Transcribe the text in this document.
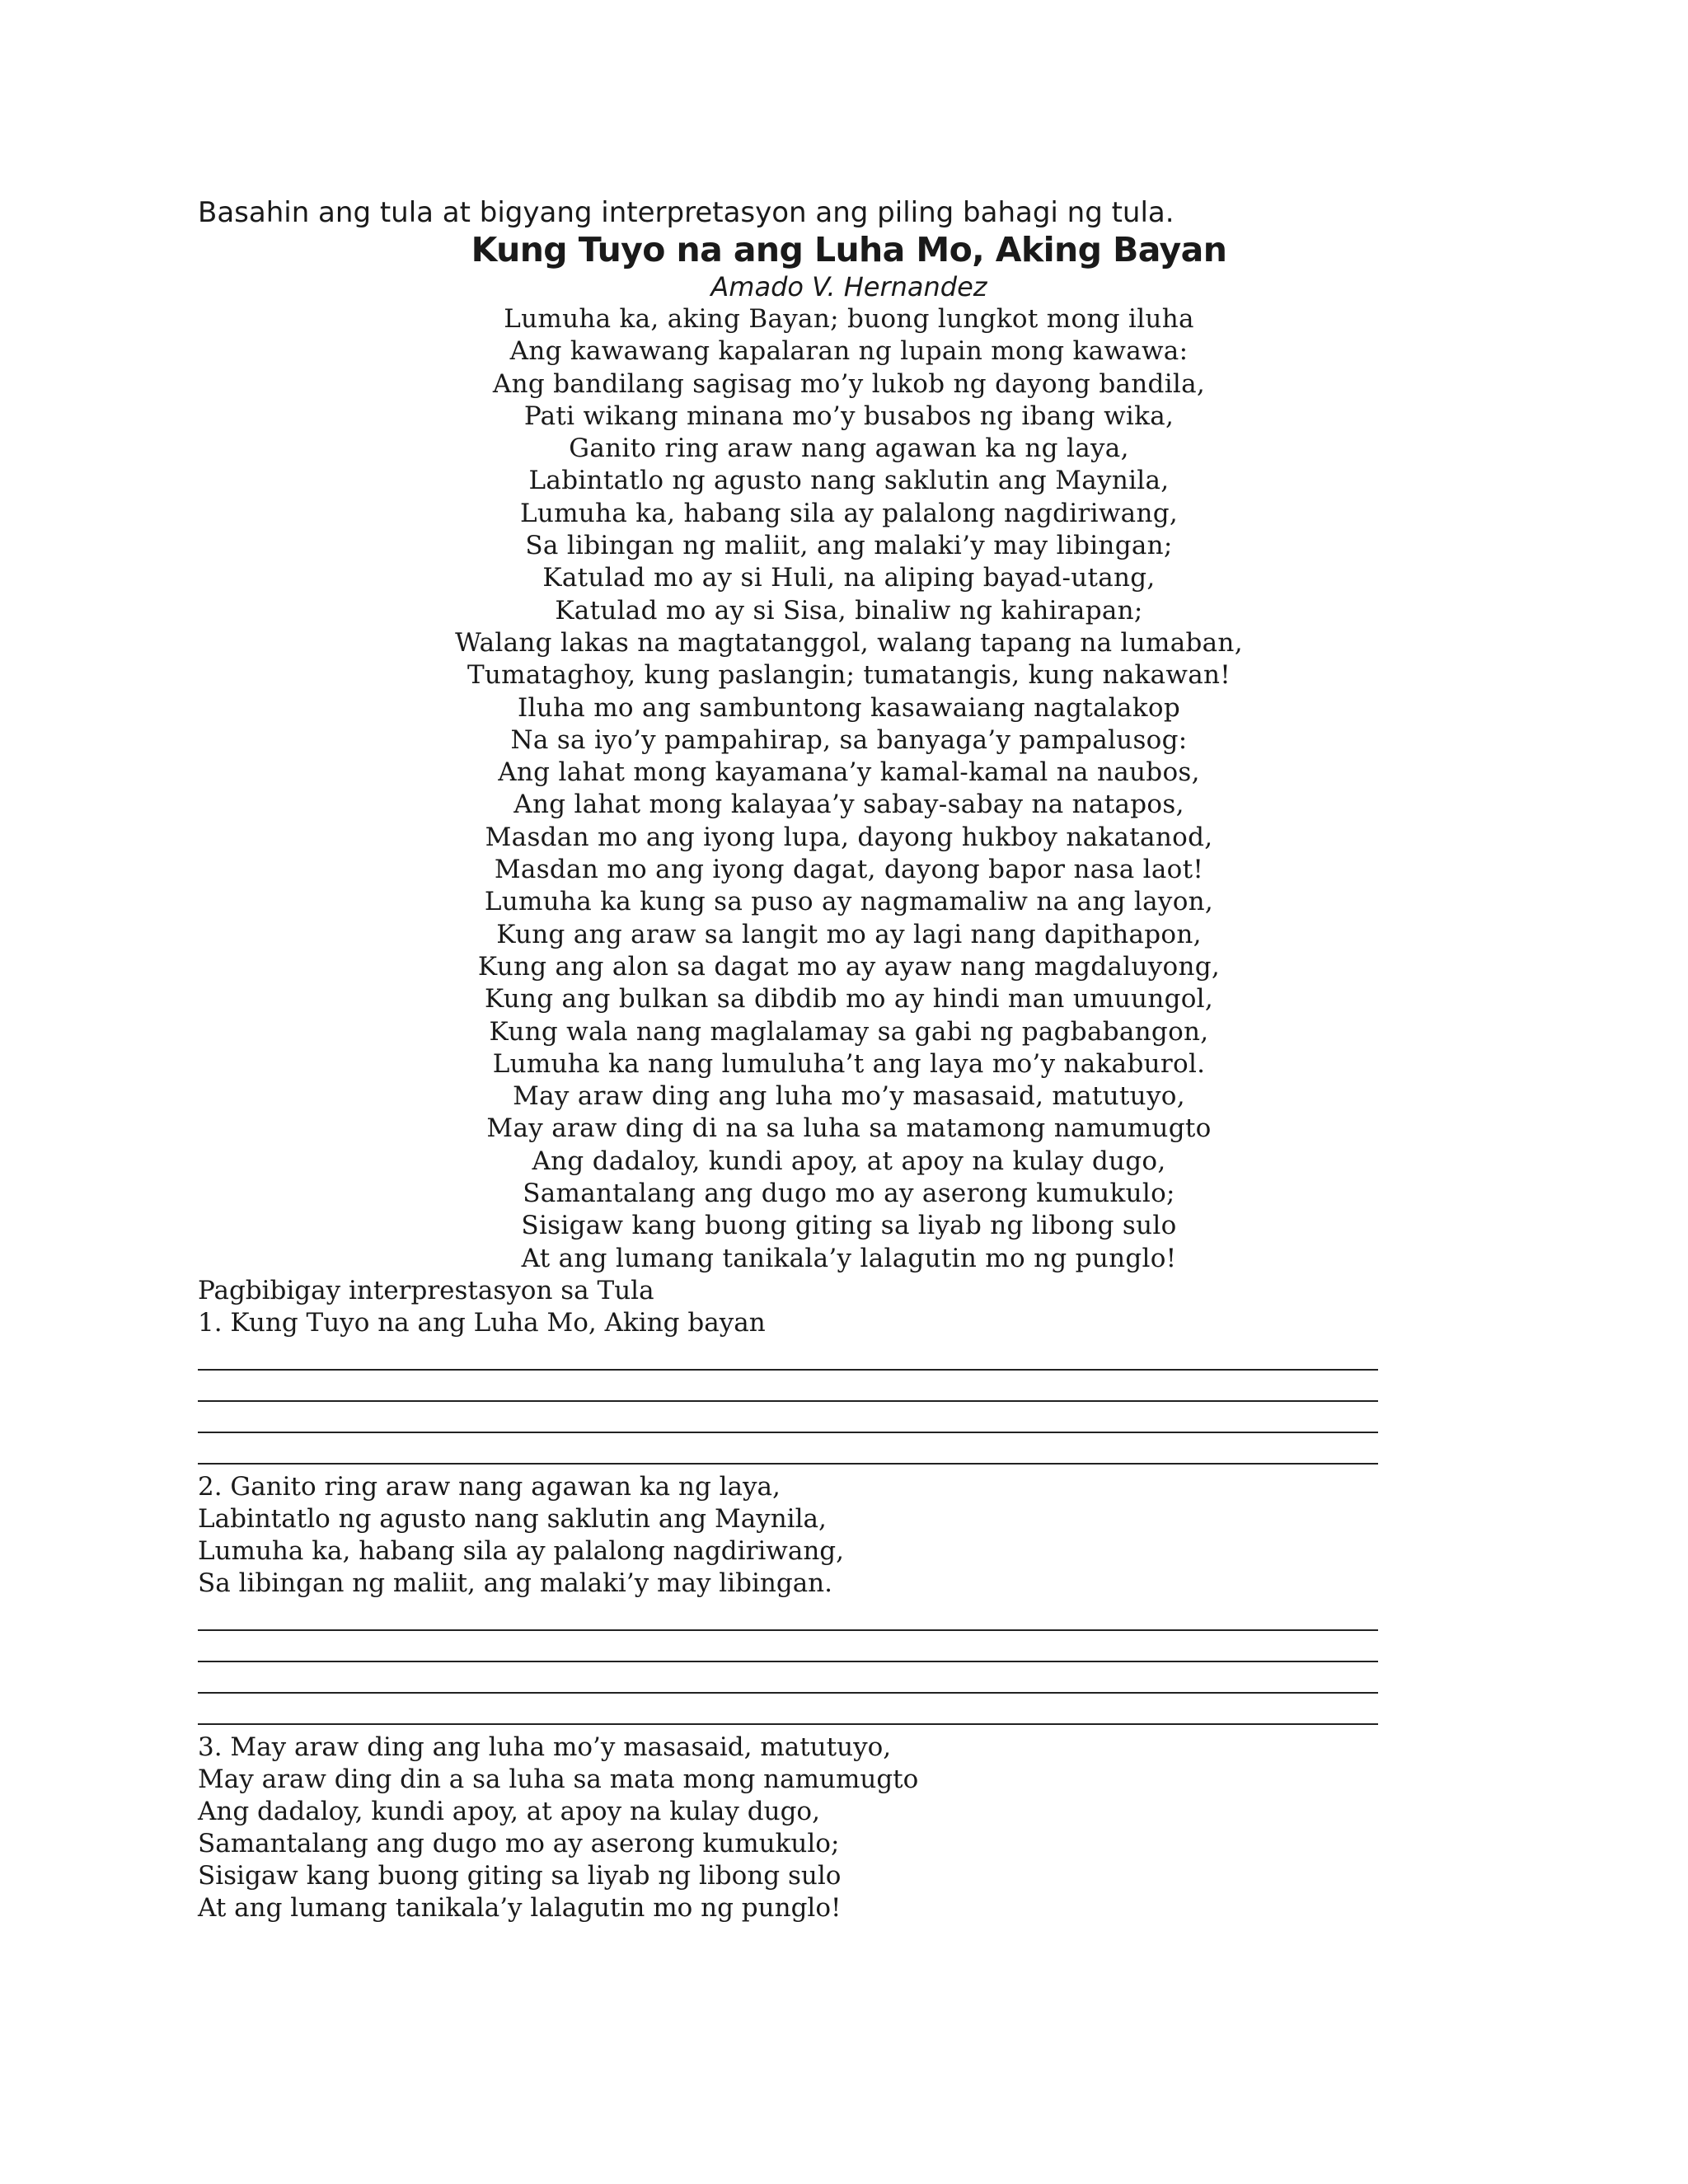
Basahin ang tula at bigyang interpretasyon ang piling bahagi ng tula.

Kung Tuyo na ang Luha Mo, Aking Bayan

Amado V. Hernandez

Lumuha ka, aking Bayan; buong lungkot mong iluha
Ang kawawang kapalaran ng lupain mong kawawa:
Ang bandilang sagisag mo’y lukob ng dayong bandila,
Pati wikang minana mo’y busabos ng ibang wika,
Ganito ring araw nang agawan ka ng laya,
Labintatlo ng agusto nang saklutin ang Maynila,
Lumuha ka, habang sila ay palalong nagdiriwang,
Sa libingan ng maliit, ang malaki’y may libingan;
Katulad mo ay si Huli, na aliping bayad-utang,
Katulad mo ay si Sisa, binaliw ng kahirapan;
Walang lakas na magtatanggol, walang tapang na lumaban,
Tumataghoy, kung paslangin; tumatangis, kung nakawan!
Iluha mo ang sambuntong kasawaiang nagtalakop
Na sa iyo’y pampahirap, sa banyaga’y pampalusog:
Ang lahat mong kayamana’y kamal-kamal na naubos,
Ang lahat mong kalayaa’y sabay-sabay na natapos,
Masdan mo ang iyong lupa, dayong hukboy nakatanod,
Masdan mo ang iyong dagat, dayong bapor nasa laot!
Lumuha ka kung sa puso ay nagmamaliw na ang layon,
Kung ang araw sa langit mo ay lagi nang dapithapon,
Kung ang alon sa dagat mo ay ayaw nang magdaluyong,
Kung ang bulkan sa dibdib mo ay hindi man umuungol,
Kung wala nang maglalamay sa gabi ng pagbabangon,
Lumuha ka nang lumuluha’t ang laya mo’y nakaburol.
May araw ding ang luha mo’y masasaid, matutuyo,
May araw ding di na sa luha sa matamong namumugto
Ang dadaloy, kundi apoy, at apoy na kulay dugo,
Samantalang ang dugo mo ay aserong kumukulo;
Sisigaw kang buong giting sa liyab ng libong sulo
At ang lumang tanikala’y lalagutin mo ng punglo!

Pagbibigay interprestasyon sa Tula

1. Kung Tuyo na ang Luha Mo, Aking bayan
2. Ganito ring araw nang agawan ka ng laya,
Labintatlo ng agusto nang saklutin ang Maynila,
Lumuha ka, habang sila ay palalong nagdiriwang,
Sa libingan ng maliit, ang malaki’y may libingan.
3. May araw ding ang luha mo’y masasaid, matutuyo,
May araw ding din a sa luha sa mata mong namumugto
Ang dadaloy, kundi apoy, at apoy na kulay dugo,
Samantalang ang dugo mo ay aserong kumukulo;
Sisigaw kang buong giting sa liyab ng libong sulo
At ang lumang tanikala’y lalagutin mo ng punglo!
